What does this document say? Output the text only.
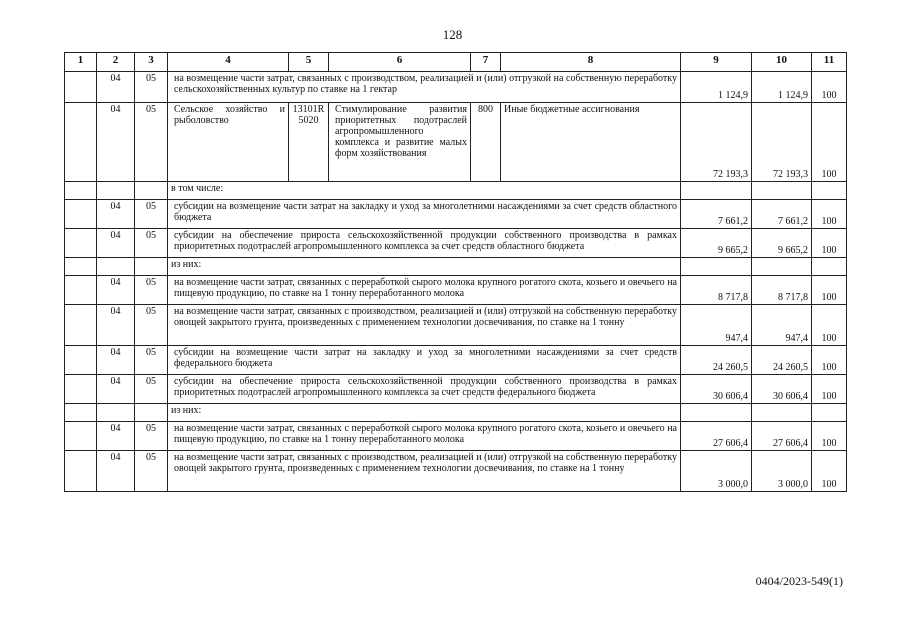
128
1	2	3	4	5	6	7	8	9	10	11
	04	05	на возмещение части затрат, связанных с производством, реализацией и (или) отгрузкой на собственную переработку сельскохозяйственных культур по ставке на 1 гектар					1 124,9	1 124,9	100
	04	05	Сельское хозяйство и рыболовство	13101R 5020	Стимулирование развития приоритетных подотраслей агропромышленного комплекса и развитие малых форм хозяйствования	800	Иные бюджетные ассигнования	72 193,3	72 193,3	100
			в том числе:							
	04	05	субсидии на возмещение части затрат на закладку и уход за многолетними насаждениями за счет средств областного бюджета					7 661,2	7 661,2	100
	04	05	субсидии на обеспечение прироста сельскохозяйственной продукции собственного производства в рамках приоритетных подотраслей агропромышленного комплекса за счет средств областного бюджета					9 665,2	9 665,2	100
			из них:							
	04	05	на возмещение части затрат, связанных с переработкой сырого молока крупного рогатого скота, козьего и овечьего на пищевую продукцию, по ставке на 1 тонну переработанного молока					8 717,8	8 717,8	100
	04	05	на возмещение части затрат, связанных с производством, реализацией и (или) отгрузкой на собственную переработку овощей закрытого грунта, произведенных с применением технологии досвечивания, по ставке на 1 тонну					947,4	947,4	100
	04	05	субсидии на возмещение части затрат на закладку и уход за многолетними насаждениями за счет средств федерального бюджета					24 260,5	24 260,5	100
	04	05	субсидии на обеспечение прироста сельскохозяйственной продукции собственного производства в рамках приоритетных подотраслей агропромышленного комплекса за счет средств федерального бюджета					30 606,4	30 606,4	100
			из них:							
	04	05	на возмещение части затрат, связанных с переработкой сырого молока крупного рогатого скота, козьего и овечьего на пищевую продукцию, по ставке на 1 тонну переработанного молока					27 606,4	27 606,4	100
	04	05	на возмещение части затрат, связанных с производством, реализацией и (или) отгрузкой на собственную переработку овощей закрытого грунта, произведенных с применением технологии досвечивания, по ставке на 1 тонну					3 000,0	3 000,0	100
0404/2023-549(1)
